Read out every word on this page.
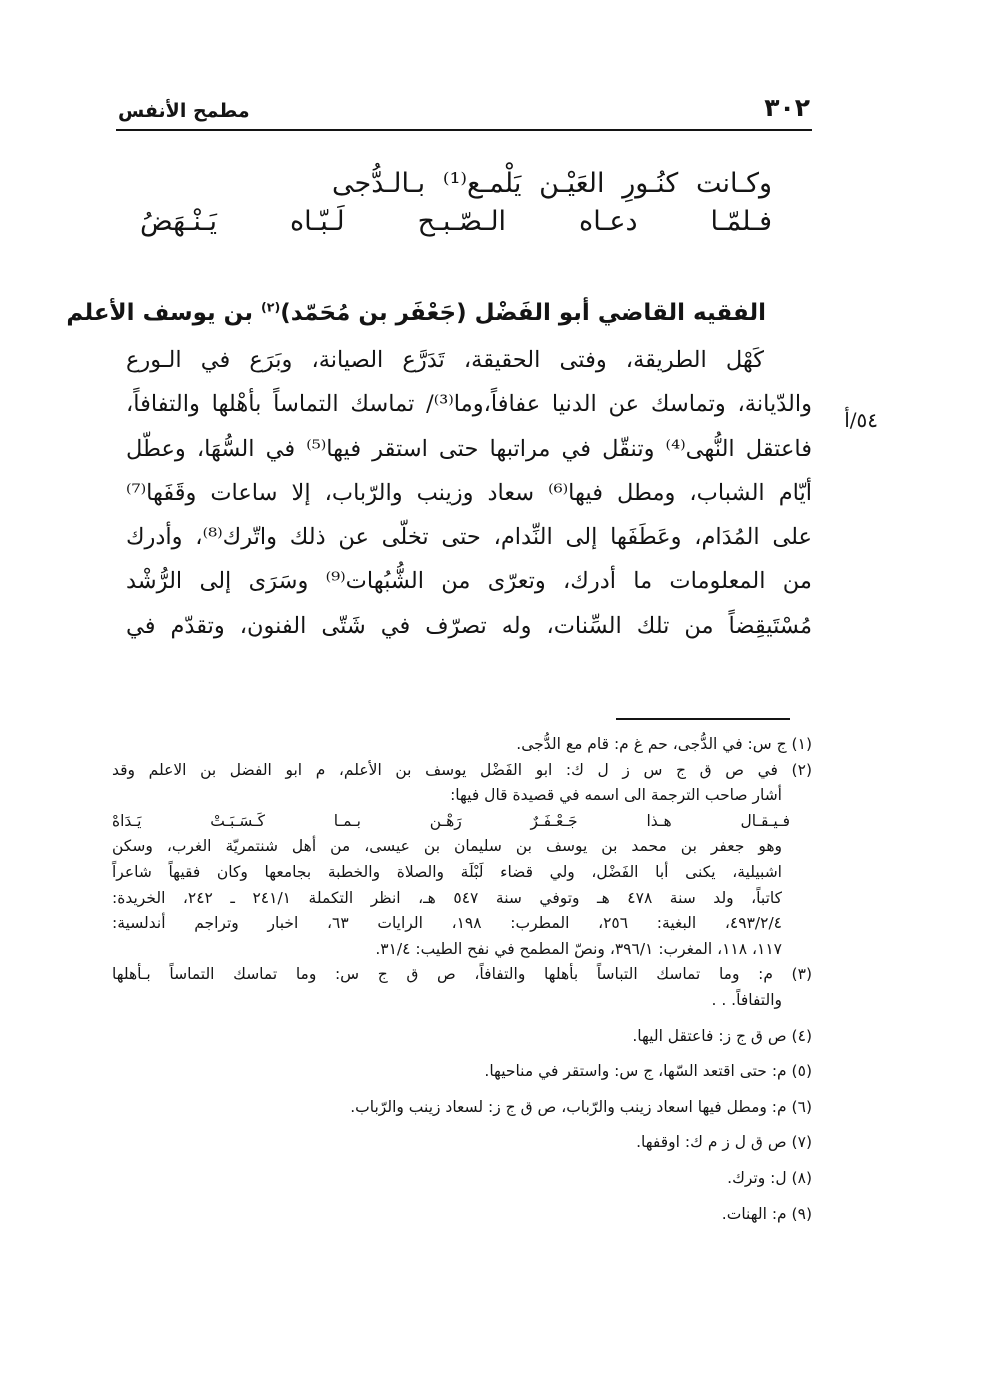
٣٠٢
مطمح الأنفس
وكـانت كنُـورِ العَيْـن يَلْمـع⁽¹⁾ بـالـدُّجى
فـلمّـا دعـاه الـصّـبـح لَـبّـاه يَـنْـهَضُ
الفقيه القاضي أبو الفَضْل (جَعْفَر بن مُحَمّد)$^{(٢)}$ بن يوسف الأعلم
٥٤/أ
كَهْل الطريقة، وفتى الحقيقة، تَدَرَّع الصيانة، وبَرَع في الـورع
والدّيانة، وتماسك عن الدنيا عفافاً،وما⁽³⁾/ تماسك التماساً بأهْلها والتفافاً،
فاعتقل النُّهى⁽⁴⁾ وتنقّل في مراتبها حتى استقر فيها⁽⁵⁾ في السُّهَا، وعطّل
أيّام الشباب، ومطل فيها⁽⁶⁾ سعاد وزينب والرّباب، إلا ساعات وقَفَها⁽⁷⁾
على المُدَام، وعَطَفَها إلى النِّدام، حتى تخلّى عن ذلك واتّرك⁽⁸⁾، وأدرك
من المعلومات ما أدرك، وتعرّى من الشُّبُهات⁽⁹⁾ وسَرَى إلى الرُّشْد
مُسْتَيقِضاً من تلك السِّنات، وله تصرّف في شَتّى الفنون، وتقدّم في
(١) ج س: في الدُّجى، حم غ م: قام مع الدُّجى.
(٢) في ص ق ج س ز ل ك: ابو الفَضْل يوسف بن الأعلم، م ابو الفضل بن الاعلم وقد
أشار صاحب الترجمة الى اسمه في قصيدة قال فيها:
فـيـقـال هـذا جَـعْـفَـرٌ رَهْـن بـمـا كَـسَـبَـتْ يَـدَاهْ
وهو جعفر بن محمد بن يوسف بن سليمان بن عيسى، من أهل شنتمريّة الغرب، وسكن
اشبيلية، يكنى أبا الفَضْل، ولي قضاء لَبْلَة والصلاة والخطبة بجامعها وكان فقيهاً شاعراً
كاتباً، ولد سنة ٤٧٨ هـ وتوفي سنة ٥٤٧ هـ، انظر التكملة ٢٤١/١ ـ ٢٤٢، الخريدة:
٤٩٣/٢/٤، البغية: ٢٥٦، المطرب: ١٩٨، الرايات ٦٣، اخبار وتراجم أندلسية:
١١٧، ١١٨، المغرب: ٣٩٦/١، ونصّ المطمح في نفح الطيب: ٣١/٤.
(٣) م: وما تماسك التباساً بأهلها والتفافاً، ص ق ج س: وما تماسك التماساً بـأهلها
والتفافاً. . .
(٤) ص ق ج ز: فاعتقل اليها.
(٥) م: حتى اقتعد السّها، ج س: واستقر في مناحيها.
(٦) م: ومطل فيها اسعاد زينب والرّباب، ص ق ج ز: لسعاد زينب والرّباب.
(٧) ص ق ل ز م ك: اوقفها.
(٨) ل: وترك.
(٩) م: الهنات.
